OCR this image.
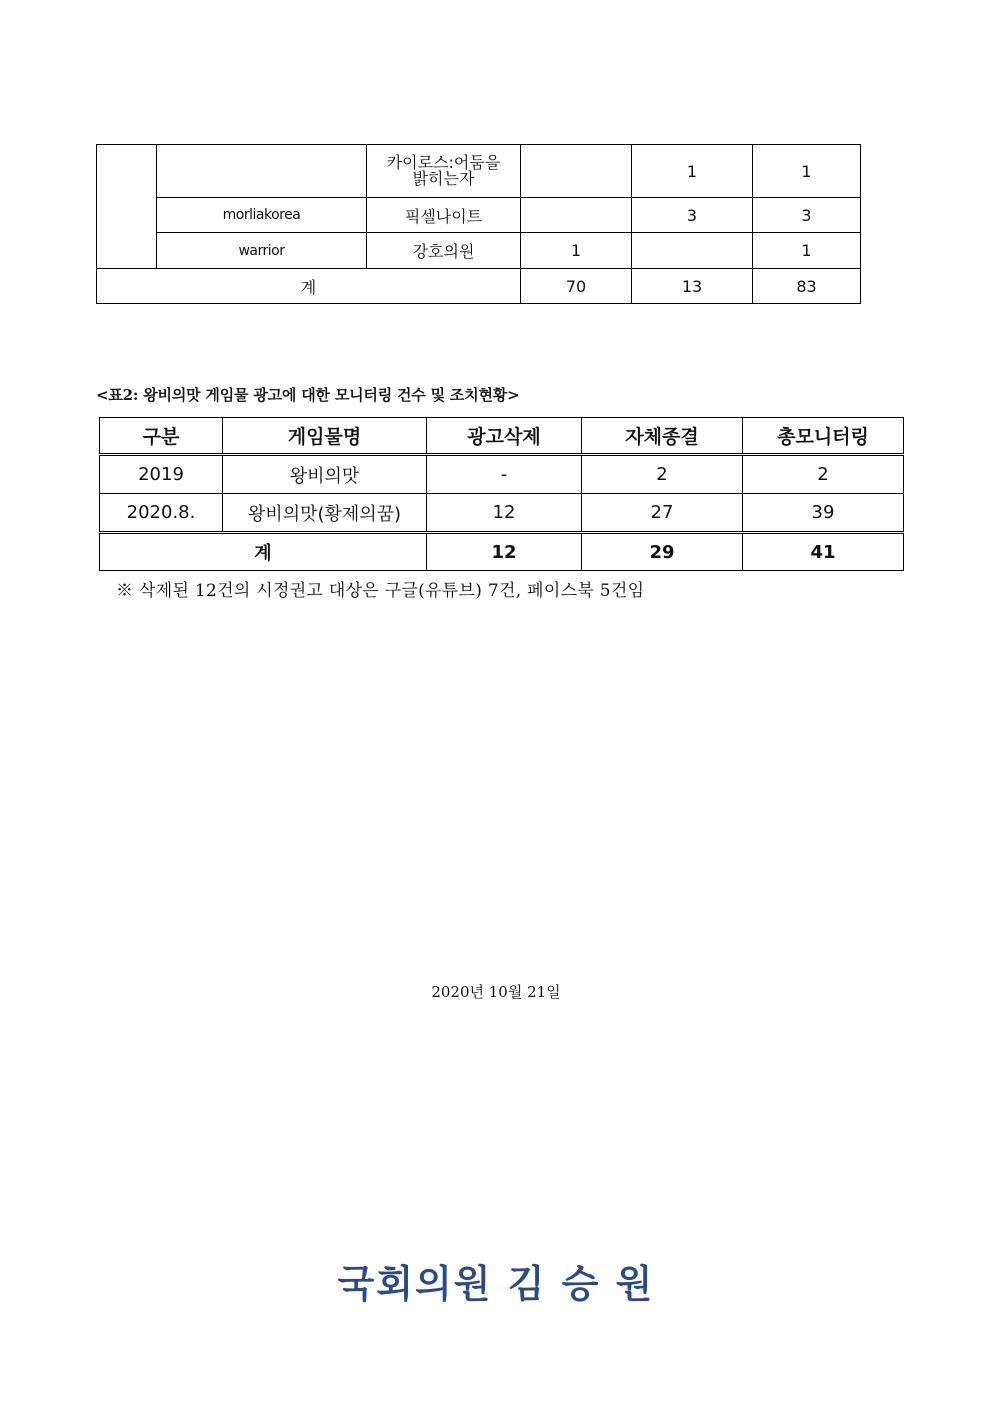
		카이로스:어둠을 밝히는자		1	1
	morliakorea	픽셀나이트		3	3
	warrior	강호의원	1		1
계			70	13	83
<표2: 왕비의맛 게임물 광고에 대한 모니터링 건수 및 조치현황>
구분	게임물명	광고삭제	자체종결	총모니터링
2019	왕비의맛	-	2	2
2020.8.	왕비의맛(황제의꿈)	12	27	39
계		12	29	41
※ 삭제된 12건의 시정권고 대상은 구글(유튜브) 7건, 페이스북 5건임
2020년 10월 21일
국회의원 김 승 원
